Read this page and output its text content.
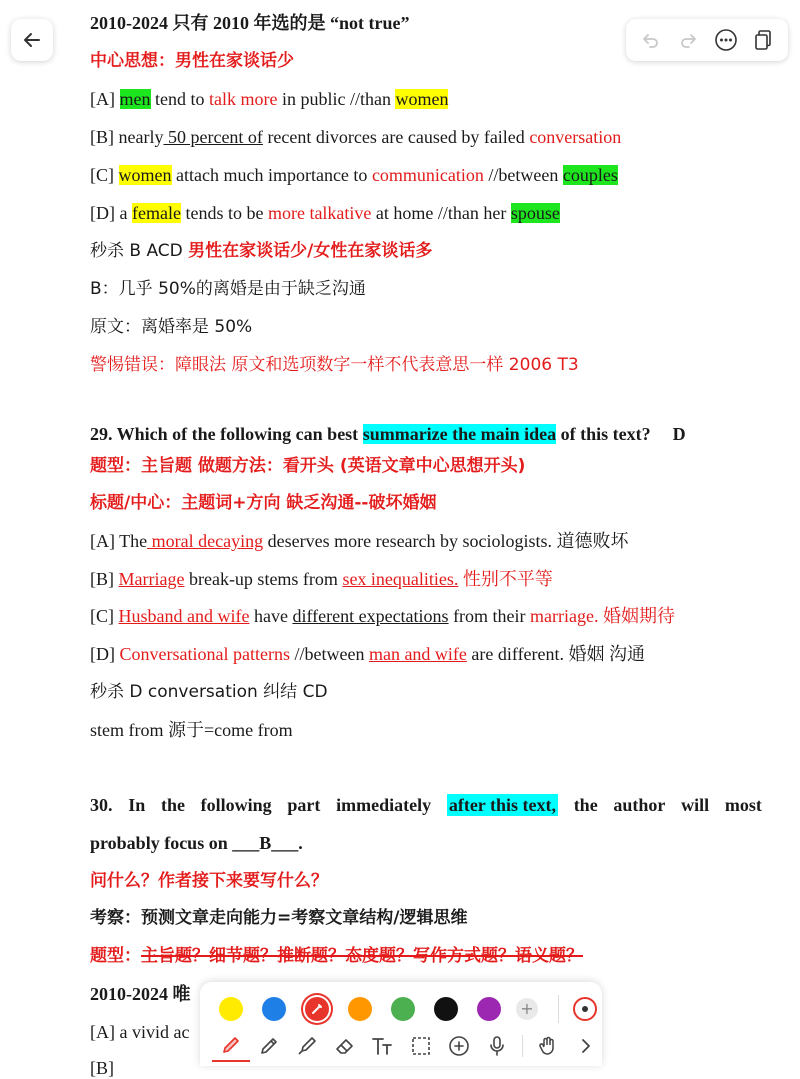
2010-2024 只有 2010 年选的是 “not true”
中心思想：男性在家谈话少
[A] men tend to talk more in public //than women
[B] nearly 50 percent of recent divorces are caused by failed conversation
[C] women attach much importance to communication //between couples
[D] a female tends to be more talkative at home //than her spouse
秒杀 B ACD 男性在家谈话少/女性在家谈话多
B：几乎 50%的离婚是由于缺乏沟通
原文：离婚率是 50%
警惕错误：障眼法 原文和选项数字一样不代表意思一样 2006 T3
29. Which of the following can best summarize the main idea of this text? D
题型：主旨题 做题方法：看开头 (英语文章中心思想开头)
标题/中心：主题词+方向 缺乏沟通--破坏婚姻
[A] The moral decaying deserves more research by sociologists. 道德败坏
[B] Marriage break-up stems from sex inequalities. 性别不平等
[C] Husband and wife have different expectations from their marriage. 婚姻期待
[D] Conversational patterns //between man and wife are different. 婚姻 沟通
秒杀 D conversation 纠结 CD
stem from 源于=come from
30. In the following part immediately after this text, the author will most
probably focus on ___B___.
问什么？作者接下来要写什么？
考察：预测文章走向能力=考察文章结构/逻辑思维
题型：主旨题？细节题？推断题？态度题？写作方式题？语义题？
2010-2024 唯
[A] a vivid ac
[B]
+
